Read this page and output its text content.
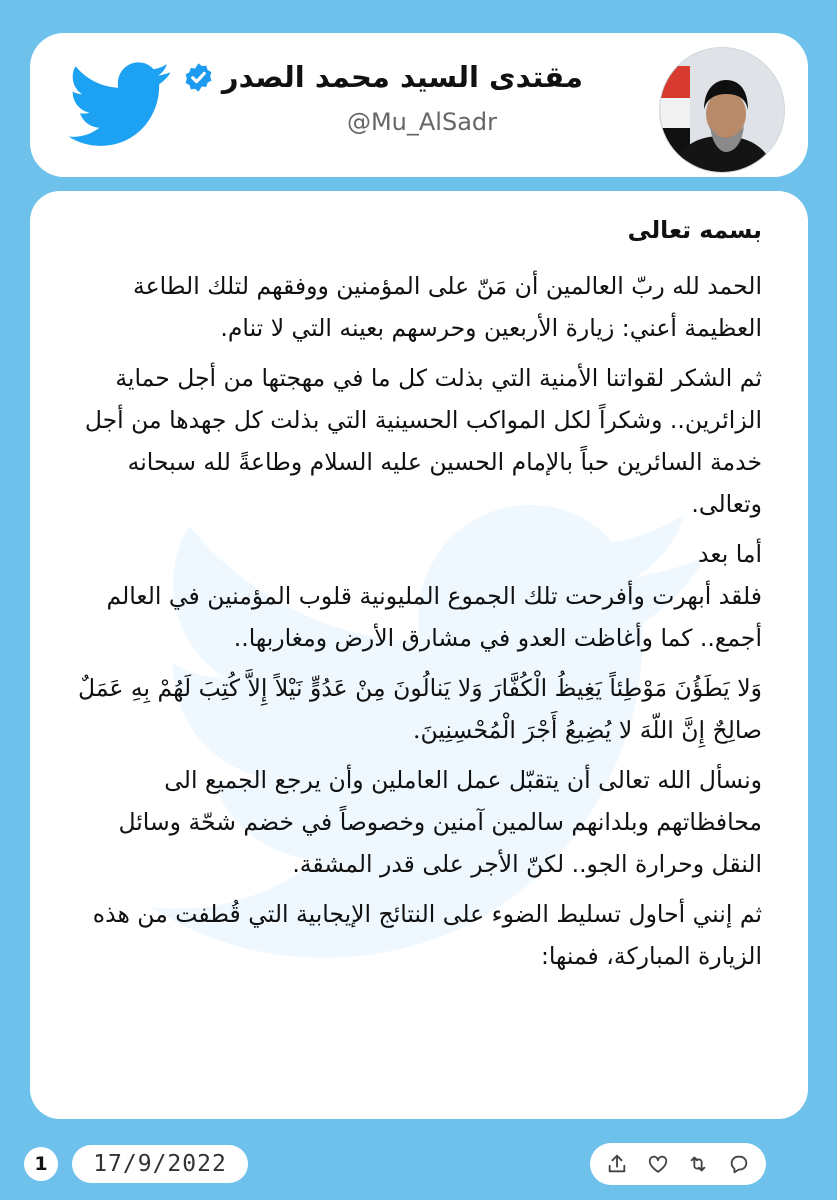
مقتدى السيد محمد الصدر
@Mu_AlSadr

بسمه تعالى

الحمد لله ربّ العالمين أن مَنّ على المؤمنين ووفقهم لتلك الطاعة العظيمة أعني: زيارة الأربعين وحرسهم بعينه التي لا تنام.

ثم الشكر لقواتنا الأمنية التي بذلت كل ما في مهجتها من أجل حماية الزائرين.. وشكراً لكل المواكب الحسينية التي بذلت كل جهدها من أجل خدمة السائرين حباً بالإمام الحسين عليه السلام وطاعةً لله سبحانه وتعالى.

أما بعد

فلقد أبهرت وأفرحت تلك الجموع المليونية قلوب المؤمنين في العالم أجمع.. كما وأغاظت العدو في مشارق الأرض ومغاربها..

وَلا يَطَؤُنَ مَوْطِئاً يَغِيظُ الْكُفَّارَ وَلا يَنالُونَ مِنْ عَدُوٍّ نَيْلاً إِلاَّ كُتِبَ لَهُمْ بِهِ عَمَلٌ صالِحٌ إِنَّ اللّهَ لا يُضِيعُ أَجْرَ الْمُحْسِنِينَ.

ونسأل الله تعالى أن يتقبّل عمل العاملين وأن يرجع الجميع الى محافظاتهم وبلدانهم سالمين آمنين وخصوصاً في خضم شحّة وسائل النقل وحرارة الجو.. لكنّ الأجر على قدر المشقة.

ثم إنني أحاول تسليط الضوء على النتائج الإيجابية التي قُطفت من هذه الزيارة المباركة، فمنها:

1	17/9/2022
